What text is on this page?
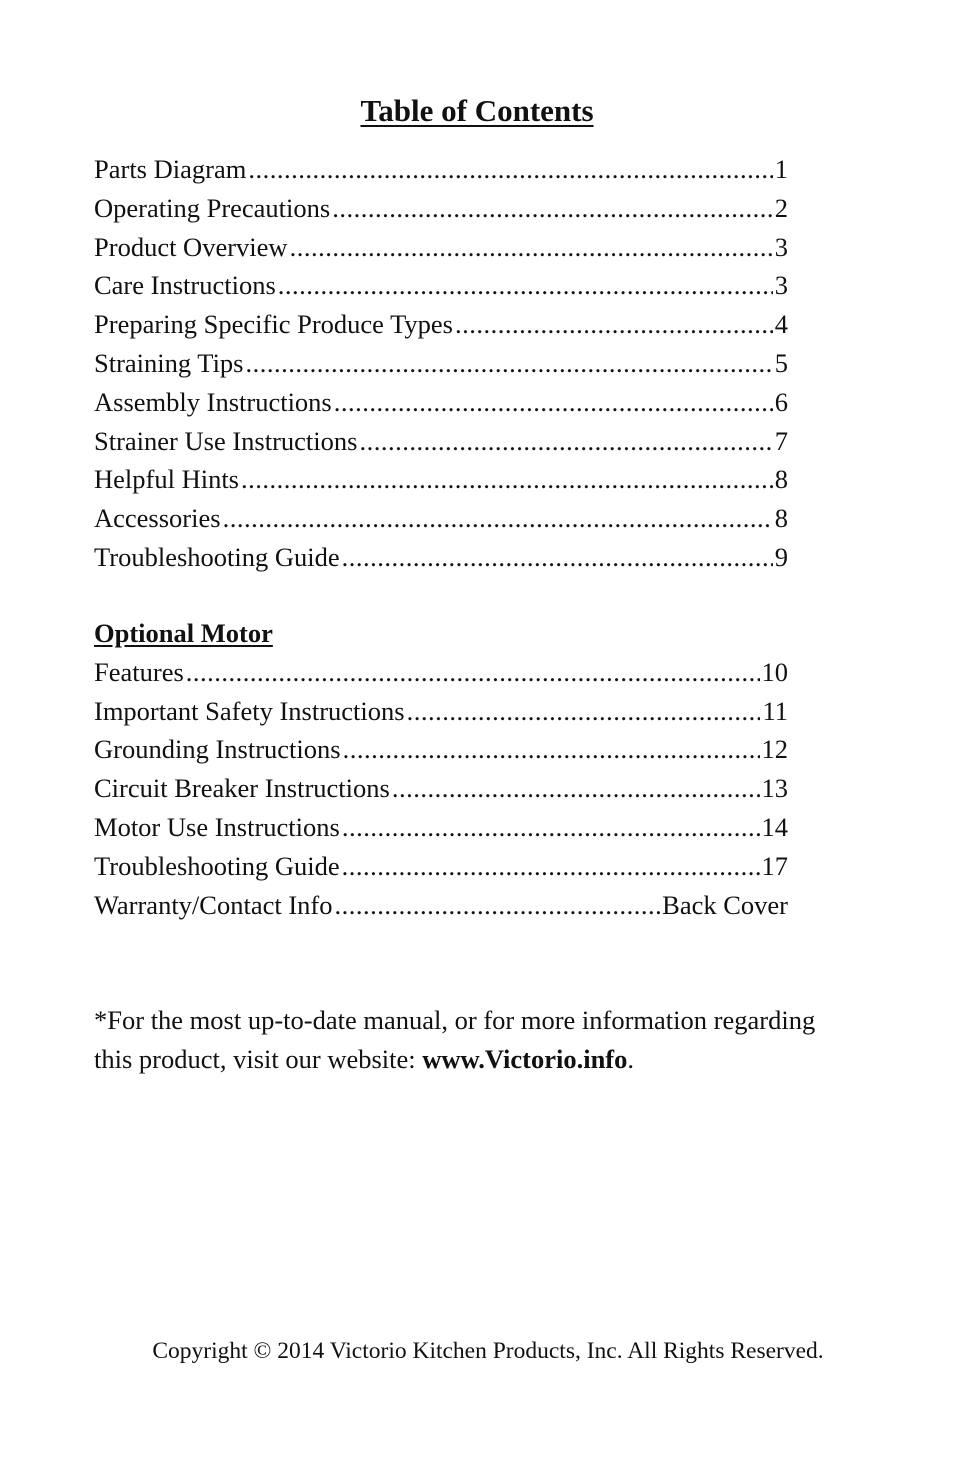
Table of Contents
Parts Diagram .....	1
Operating Precautions .....	2
Product Overview .....	3
Care Instructions .....	3
Preparing Specific Produce Types .....	4
Straining Tips .....	5
Assembly Instructions .....	6
Strainer Use Instructions .....	7
Helpful Hints .....	8
Accessories .....	8
Troubleshooting Guide .....	9
Optional Motor
Features .....	10
Important Safety Instructions .....	11
Grounding Instructions .....	12
Circuit Breaker Instructions .....	13
Motor Use Instructions .....	14
Troubleshooting Guide .....	17
Warranty/Contact Info .....	Back Cover
*For the most up-to-date manual, or for more information regarding this product, visit our website: www.Victorio.info.
Copyright © 2014 Victorio Kitchen Products, Inc. All Rights Reserved.
